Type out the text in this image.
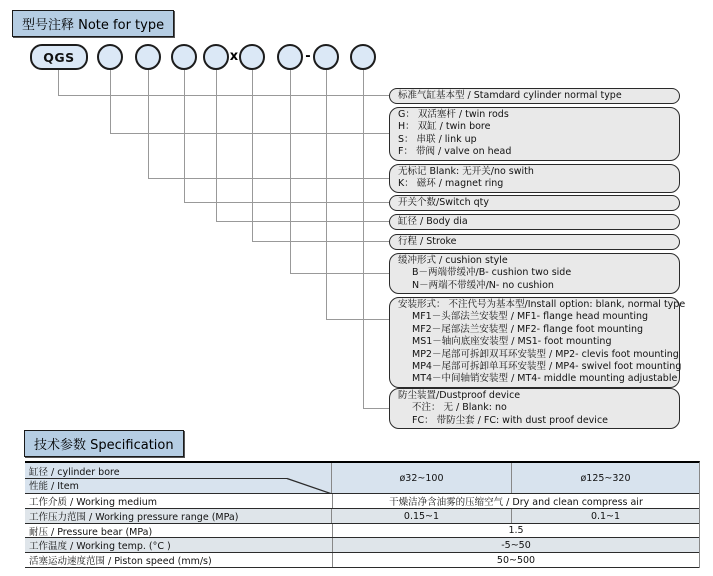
型号注释 Note for type
QGS	x	-
标准气缸基本型 / Stamdard cylinder normal type
G： 双活塞杆 / twin rods
H： 双缸 / twin bore
S： 串联 / link up
F： 带阀 / valve on head
无标记 Blank: 无开关/no swith
K： 磁环 / magnet ring
开关个数/Switch qty
缸径 / Body dia
行程 / Stroke
缓冲形式 / cushion style
B－两端带缓冲/B- cushion two side
N－两端不带缓冲/N- no cushion
安装形式： 不注代号为基本型/Install option: blank, normal type
MF1－头部法兰安装型 / MF1- flange head mounting
MF2－尾部法兰安装型 / MF2- flange foot mounting
MS1－轴向底座安装型 / MS1- foot mounting
MP2－尾部可拆卸双耳环安装型 / MP2- clevis foot mounting
MP4－尾部可拆卸单耳环安装型 / MP4- swivel foot mounting
MT4－中间轴销安装型 / MT4- middle mounting adjustable
防尘装置/Dustproof device
不注： 无 / Blank: no
FC： 带防尘套 / FC: with dust proof device
技术参数 Specification
缸径 / cylinder bore
性能 / Item
ø32~100	ø125~320
工作介质 / Working medium	干燥洁净含油雾的压缩空气 / Dry and clean compress air
工作压力范围 / Working pressure range (MPa)	0.15~1	0.1~1
耐压 / Pressure bear (MPa)	1.5
工作温度 / Working temp. (°C )	-5~50
活塞运动速度范围 / Piston speed (mm/s)	50~500
